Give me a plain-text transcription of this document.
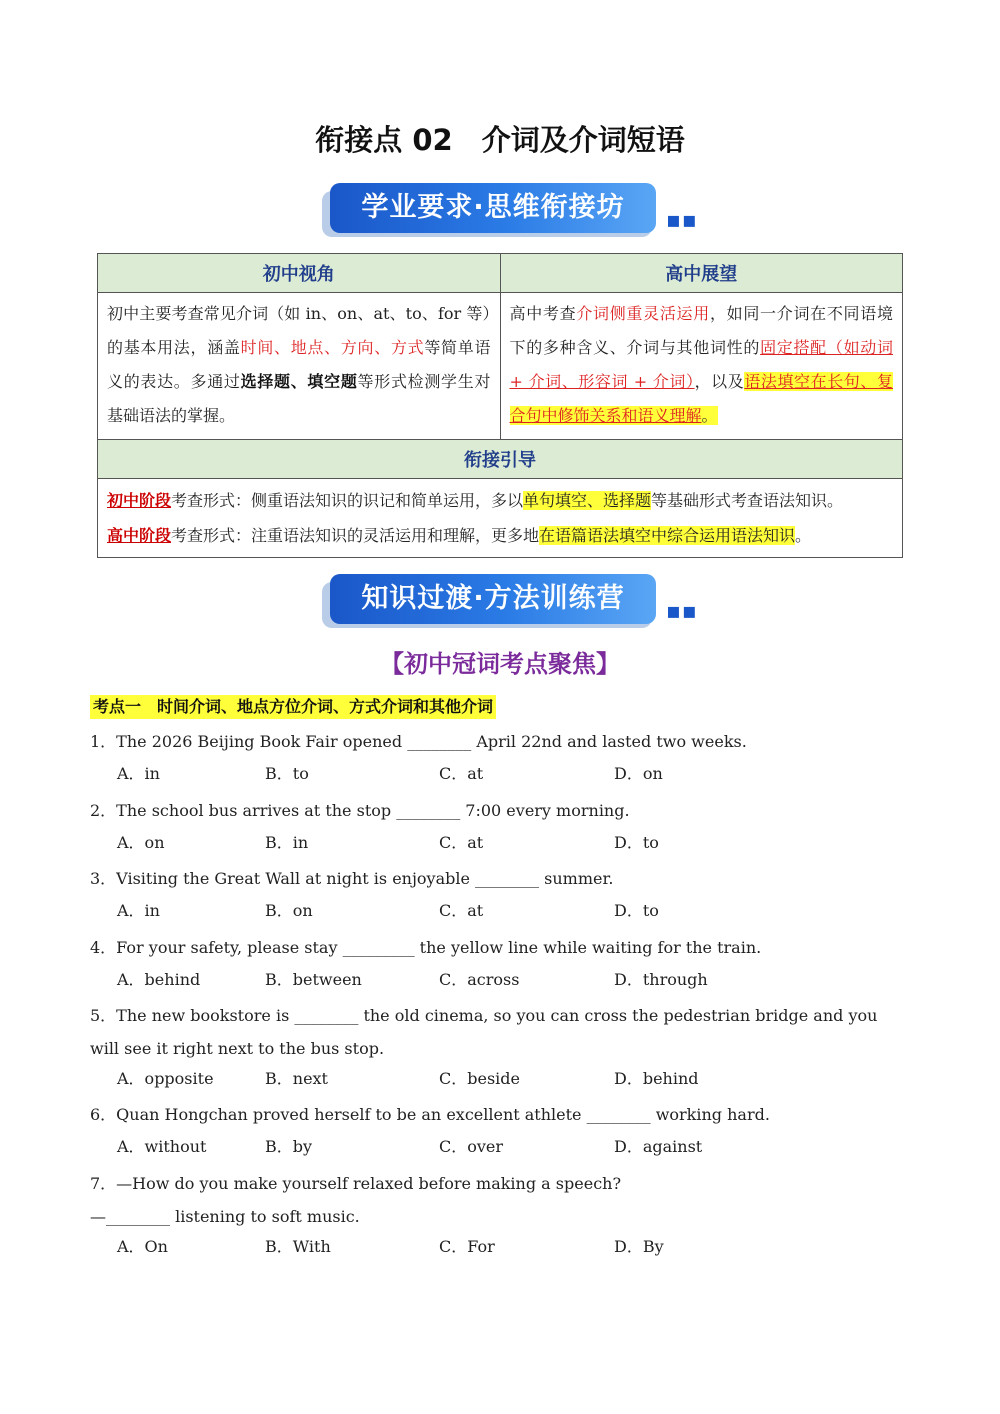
衔接点 02　介词及介词短语
学业要求·思维衔接坊	▪▪
初中视角	高中展望
初中主要考查常见介词（如 in、on、at、to、for 等）的基本用法，涵盖时间、地点、方向、方式等简单语义的表达。多通过选择题、填空题等形式检测学生对基础语法的掌握。	高中考查介词侧重灵活运用，如同一介词在不同语境下的多种含义、介词与其他词性的固定搭配（如动词 + 介词、形容词 + 介词），以及语法填空在长句、复合句中修饰关系和语义理解。
衔接引导	

初中阶段考查形式：侧重语法知识的识记和简单运用，多以单句填空、选择题等基础形式考查语法知识。
高中阶段考查形式：注重语法知识的灵活运用和理解，更多地在语篇语法填空中综合运用语法知识。	
知识过渡·方法训练营	▪▪
【初中冠词考点聚焦】
考点一　时间介词、地点方位介词、方式介词和其他介词
1．The 2026 Beijing Book Fair opened ________ April 22nd and lasted two weeks.
A．in	B．to	C．at	D．on
2．The school bus arrives at the stop ________ 7:00 every morning.
A．on	B．in	C．at	D．to
3．Visiting the Great Wall at night is enjoyable ________ summer.
A．in	B．on	C．at	D．to
4．For your safety, please stay _________ the yellow line while waiting for the train.
A．behind	B．between	C．across	D．through
5．The new bookstore is ________ the old cinema, so you can cross the pedestrian bridge and you will see it right next to the bus stop.
A．opposite	B．next	C．beside	D．behind
6．Quan Hongchan proved herself to be an excellent athlete ________ working hard.
A．without	B．by	C．over	D．against
7．—How do you make yourself relaxed before making a speech?
—________ listening to soft music.
A．On	B．With	C．For	D．By
